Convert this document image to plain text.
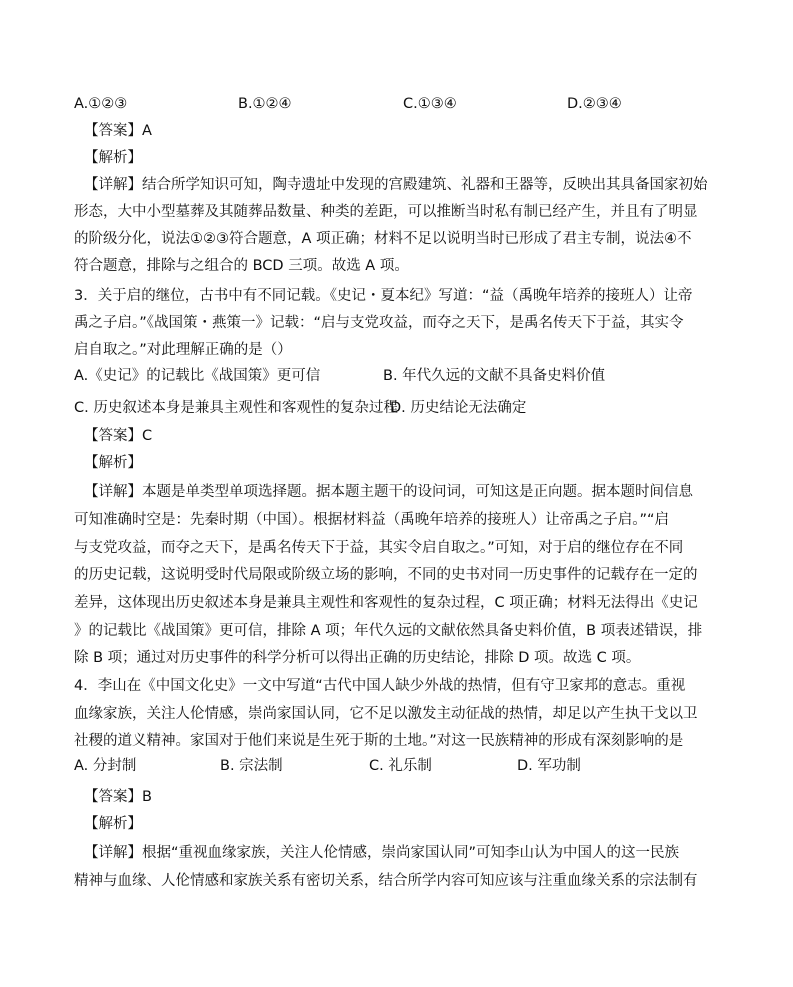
A.①②③	B.①②④	C.①③④	D.②③④
【答案】A
【解析】
【详解】结合所学知识可知，陶寺遗址中发现的宫殿建筑、礼器和王器等，反映出其具备国家初始
形态，大中小型墓葬及其随葬品数量、种类的差距，可以推断当时私有制已经产生，并且有了明显
的阶级分化，说法①②③符合题意，A 项正确；材料不足以说明当时已形成了君主专制，说法④不
符合题意，排除与之组合的 BCD 三项。故选 A 项。
3．关于启的继位，古书中有不同记载。《史记・夏本纪》写道：“益（禹晚年培养的接班人）让帝
禹之子启。”《战国策・燕策一》记载：“启与支党攻益，而夺之天下，是禹名传天下于益，其实令
启自取之。”对此理解正确的是（）
A.《史记》的记载比《战国策》更可信	B. 年代久远的文献不具备史料价值
C. 历史叙述本身是兼具主观性和客观性的复杂过程
D. 历史结论无法确定
【答案】C
【解析】
【详解】本题是单类型单项选择题。据本题主题干的设问词，可知这是正向题。据本题时间信息
可知准确时空是：先秦时期（中国）。根据材料益（禹晚年培养的接班人）让帝禹之子启。”“启
与支党攻益，而夺之天下，是禹名传天下于益，其实令启自取之。”可知，对于启的继位存在不同
的历史记载，这说明受时代局限或阶级立场的影响，不同的史书对同一历史事件的记载存在一定的
差异，这体现出历史叙述本身是兼具主观性和客观性的复杂过程，C 项正确；材料无法得出《史记
》的记载比《战国策》更可信，排除 A 项；年代久远的文献依然具备史料价值，B 项表述错误，排
除 B 项；通过对历史事件的科学分析可以得出正确的历史结论，排除 D 项。故选 C 项。
4．李山在《中国文化史》一文中写道“古代中国人缺少外战的热情，但有守卫家邦的意志。重视
血缘家族，关注人伦情感，崇尚家国认同，它不足以激发主动征战的热情，却足以产生执干戈以卫
社稷的道义精神。家国对于他们来说是生死于斯的土地。”对这一民族精神的形成有深刻影响的是
A. 分封制	B. 宗法制	C. 礼乐制	D. 军功制
【答案】B
【解析】
【详解】根据“重视血缘家族，关注人伦情感，崇尚家国认同”可知李山认为中国人的这一民族
精神与血缘、人伦情感和家族关系有密切关系，结合所学内容可知应该与注重血缘关系的宗法制有
